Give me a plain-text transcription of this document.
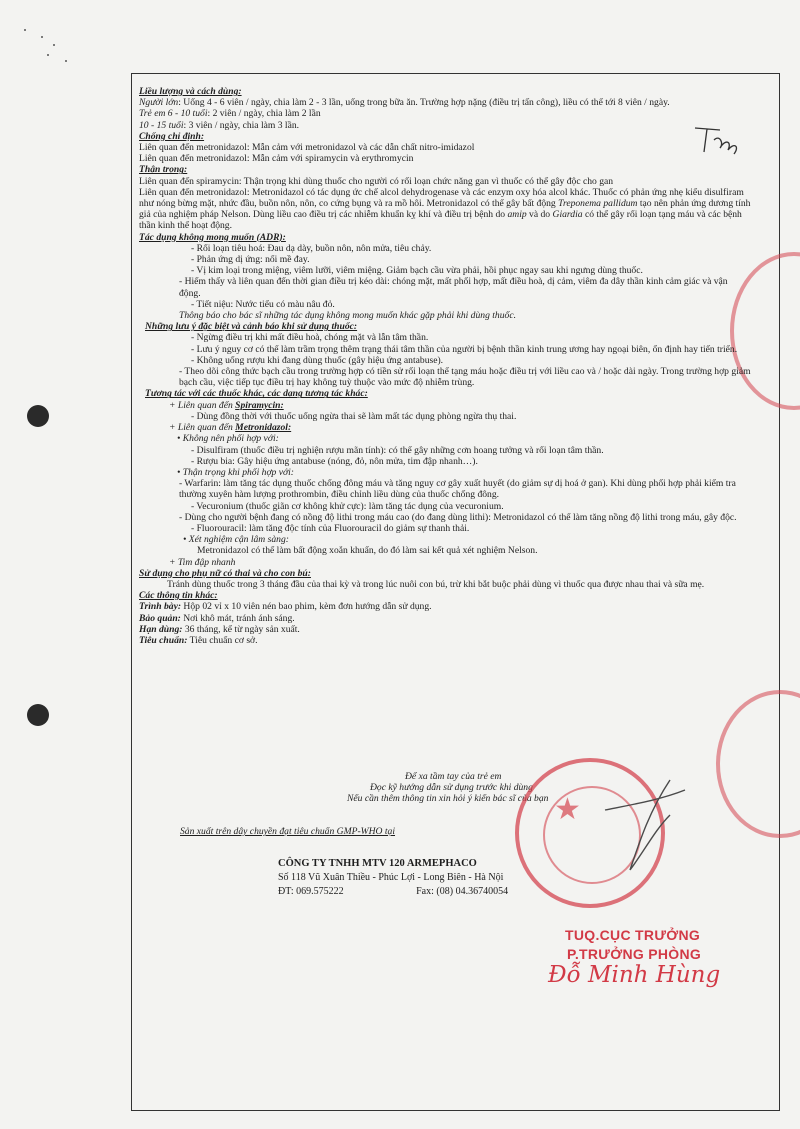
Liều lượng và cách dùng:

Người lớn: Uống 4 - 6 viên / ngày, chia làm 2 - 3 lần, uống trong bữa ăn. Trường hợp nặng (điều trị tấn công), liều có thể tới 8 viên / ngày.

Trẻ em 6 - 10 tuổi: 2 viên / ngày, chia làm 2 lần

10 - 15 tuổi: 3 viên / ngày, chia làm 3 lần.

Chống chỉ định:

Liên quan đến metronidazol: Mẫn cảm với metronidazol và các dẫn chất nitro-imidazol

Liên quan đến metronidazol: Mẫn cảm với spiramycin và erythromycin

Thận trọng:

Liên quan đến spiramycin: Thận trọng khi dùng thuốc cho người có rối loạn chức năng gan vì thuốc có thể gây độc cho gan

Liên quan đến metronidazol: Metronidazol có tác dụng ức chế alcol dehydrogenase và các enzym oxy hóa alcol khác. Thuốc có phản ứng nhẹ kiểu disulfiram như nóng bừng mặt, nhức đầu, buồn nôn, nôn, co cứng bụng và ra mồ hôi. Metronidazol có thể gây bất động Treponema pallidum tạo nên phản ứng dương tính giả của nghiệm pháp Nelson. Dùng liều cao điều trị các nhiễm khuẩn kỵ khí và điều trị bệnh do amip và do Giardia có thể gây rối loạn tạng máu và các bệnh thần kinh thể hoạt động.

Tác dụng không mong muốn (ADR):

- Rối loạn tiêu hoá: Đau dạ dày, buồn nôn, nôn mửa, tiêu chảy.

- Phản ứng dị ứng: nổi mề đay.

- Vị kim loại trong miệng, viêm lưỡi, viêm miệng. Giảm bạch cầu vừa phải, hồi phục ngay sau khi ngưng dùng thuốc.

- Hiếm thấy và liên quan đến thời gian điều trị kéo dài: chóng mặt, mất phối hợp, mất điều hoà, dị cảm, viêm đa dây thần kinh cảm giác và vận động.

- Tiết niệu: Nước tiểu có màu nâu đỏ.

Thông báo cho bác sĩ những tác dụng không mong muốn khác gặp phải khi dùng thuốc.

Những lưu ý đặc biệt và cảnh báo khi sử dụng thuốc:

- Ngừng điều trị khi mất điều hoà, chóng mặt và lẫn tâm thần.

- Lưu ý nguy cơ có thể làm trầm trọng thêm trạng thái tâm thần của người bị bệnh thần kinh trung ương hay ngoại biên, ổn định hay tiến triển.

- Không uống rượu khi đang dùng thuốc (gây hiệu ứng antabuse).

- Theo dõi công thức bạch cầu trong trường hợp có tiền sử rối loạn thể tạng máu hoặc điều trị với liều cao và / hoặc dài ngày. Trong trường hợp giảm bạch cầu, việc tiếp tục điều trị hay không tuỳ thuộc vào mức độ nhiễm trùng.

Tương tác với các thuốc khác, các dạng tương tác khác:

+ Liên quan đến Spiramycin:

- Dùng đồng thời với thuốc uống ngừa thai sẽ làm mất tác dụng phòng ngừa thụ thai.

+ Liên quan đến Metronidazol:

• Không nên phối hợp với:

- Disulfiram (thuốc điều trị nghiện rượu mãn tính): có thể gây những cơn hoang tưởng và rối loạn tâm thần.

- Rượu bia: Gây hiệu ứng antabuse (nóng, đỏ, nôn mửa, tim đập nhanh…).

• Thận trọng khi phối hợp với:

- Warfarin: làm tăng tác dụng thuốc chống đông máu và tăng nguy cơ gây xuất huyết (do giảm sự dị hoá ở gan). Khi dùng phối hợp phải kiểm tra thường xuyên hàm lượng prothrombin, điều chỉnh liều dùng của thuốc chống đông.

- Vecuronium (thuốc giãn cơ không khử cực): làm tăng tác dụng của vecuronium.

- Dùng cho người bệnh đang có nồng độ lithi trong máu cao (do đang dùng lithi): Metronidazol có thể làm tăng nồng độ lithi trong máu, gây độc.

- Fluorouracil: làm tăng độc tính của Fluorouracil do giảm sự thanh thải.

• Xét nghiệm cận lâm sàng:

Metronidazol có thể làm bất động xoắn khuẩn, do đó làm sai kết quả xét nghiệm Nelson.

+ Tim đập nhanh

Sử dụng cho phụ nữ có thai và cho con bú:

Tránh dùng thuốc trong 3 tháng đầu của thai kỳ và trong lúc nuôi con bú, trừ khi bắt buộc phải dùng vì thuốc qua được nhau thai và sữa mẹ.

Các thông tin khác:

Trình bày: Hộp 02 vỉ x 10 viên nén bao phim, kèm đơn hướng dẫn sử dụng.

Bảo quản: Nơi khô mát, tránh ánh sáng.

Hạn dùng: 36 tháng, kể từ ngày sản xuất.

Tiêu chuẩn: Tiêu chuẩn cơ sở.

Để xa tầm tay của trẻ em
Đọc kỹ hướng dẫn sử dụng trước khi dùng
Nếu cần thêm thông tin xin hỏi ý kiến bác sĩ của bạn
Sản xuất trên dây chuyền đạt tiêu chuẩn GMP-WHO tại
★
CÔNG TY TNHH MTV 120 ARMEPHACO
Số 118 Vũ Xuân Thiều - Phúc Lợi - Long Biên - Hà Nội
ĐT: 069.575222	Fax: (08) 04.36740054
TUQ.CỤC TRƯỞNG
P.TRƯỞNG PHÒNG
Đỗ Minh Hùng
